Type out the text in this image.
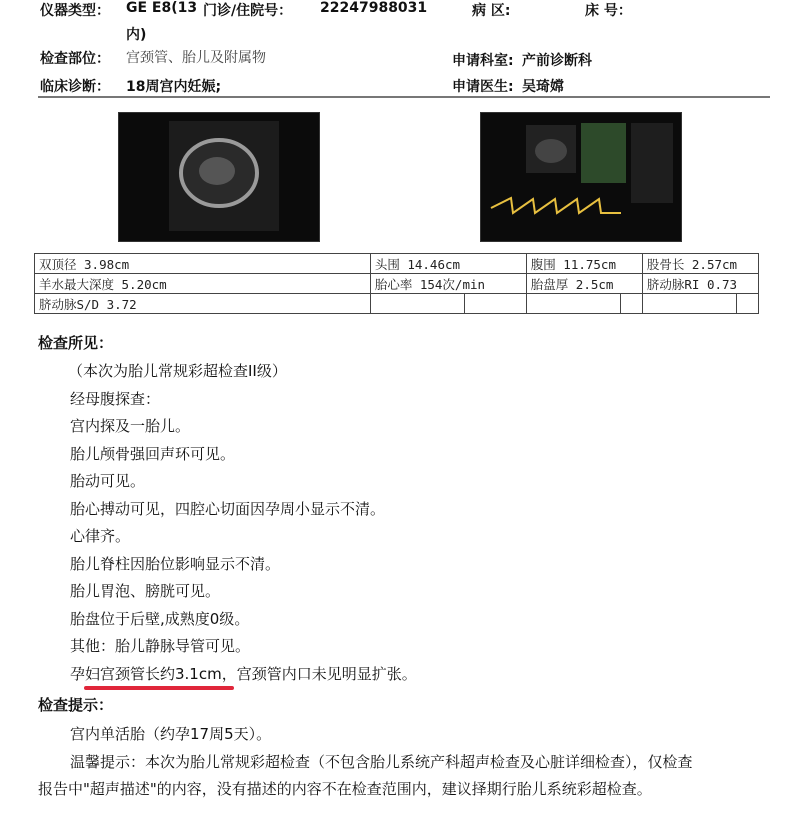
仪器类型： GE E8(13
内)
门诊/住院号： 22247988031	病 区:	床 号：
检查部位： 宫颈管、胎儿及附属物	申请科室: 产前诊断科
临床诊断： 18周宫内妊娠;	申请医生: 吴琦嫦
双顶径 3.98cm	头围 14.46cm		腹围 11.75cm		股骨长 2.57cm	
羊水最大深度 5.20cm	胎心率 154次/min		胎盘厚 2.5cm		脐动脉RI 0.73	
脐动脉S/D 3.72						
检查所见：
（本次为胎儿常规彩超检查II级）
经母腹探查：
宫内探及一胎儿。
胎儿颅骨强回声环可见。
胎动可见。
胎心搏动可见，四腔心切面因孕周小显示不清。
心律齐。
胎儿脊柱因胎位影响显示不清。
胎儿胃泡、膀胱可见。
胎盘位于后壁,成熟度0级。
其他：胎儿静脉导管可见。
孕妇宫颈管长约3.1cm，宫颈管内口未见明显扩张。
检查提示：
宫内单活胎（约孕17周5天）。
温馨提示：本次为胎儿常规彩超检查（不包含胎儿系统产科超声检查及心脏详细检查），仅检查
报告中"超声描述"的内容，没有描述的内容不在检查范围内，建议择期行胎儿系统彩超检查。
